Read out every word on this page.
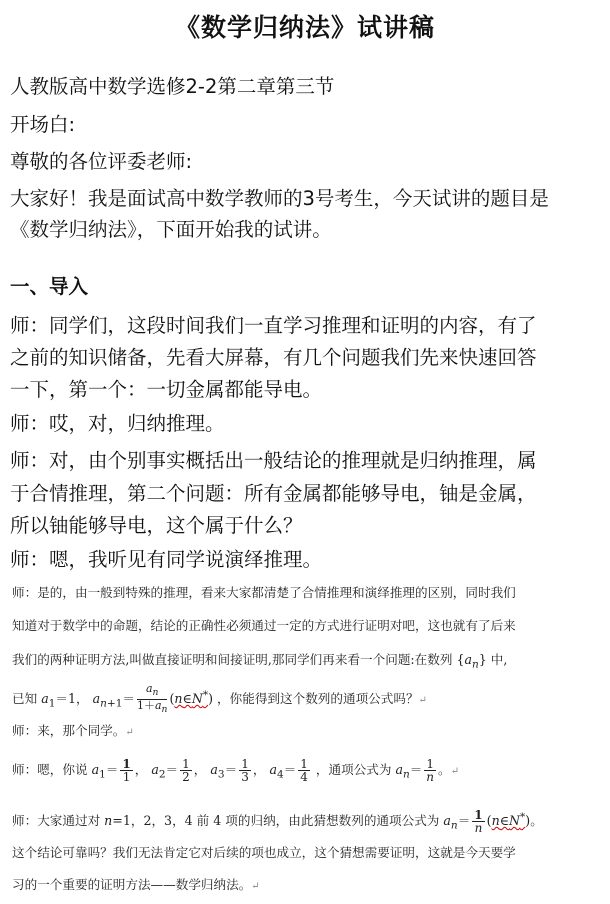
《数学归纳法》试讲稿

人教版高中数学选修2-2第二章第三节

开场白:

尊敬的各位评委老师:

大家好！我是面试高中数学教师的3号考生，今天试讲的题目是

《数学归纳法》，下面开始我的试讲。

一、导入

师：同学们，这段时间我们一直学习推理和证明的内容，有了

之前的知识储备，先看大屏幕，有几个问题我们先来快速回答

一下，第一个：一切金属都能导电。

师：哎，对，归纳推理。

师：对，由个别事实概括出一般结论的推理就是归纳推理，属

于合情推理，第二个问题：所有金属都能够导电，铀是金属，

所以铀能够导电，这个属于什么？

师：嗯，我听见有同学说演绎推理。

师：是的，由一般到特殊的推理，看来大家都清楚了合情推理和演绎推理的区别，同时我们

知道对于数学中的命题，结论的正确性必须通过一定的方式进行证明对吧，这也就有了后来

我们的两种证明方法,叫做直接证明和间接证明,那同学们再来看一个问题:在数列 $\{a_n\}$ 中,

已知 $a_1=1$， $a_{n+1}= \frac{a_n}{1+a_n}$ (n∈N*) ，你能得到这个数列的通项公式吗？↵

师：来，那个同学。↵

师：嗯，你说 $a_1= \frac{1}{1}$ ， $a_2= \frac{1}{2}$ ， $a_3= \frac{1}{3}$ ， $a_4= \frac{1}{4}$ ，通项公式为 $a_n= \frac{1}{n}$ 。↵

师：大家通过对 n=1，2，3，4 前 4 项的归纳，由此猜想数列的通项公式为 $a_n= \frac{1}{n}$ (n∈N*)。

这个结论可靠吗？我们无法肯定它对后续的项也成立，这个猜想需要证明，这就是今天要学

习的一个重要的证明方法——数学归纳法。↵
